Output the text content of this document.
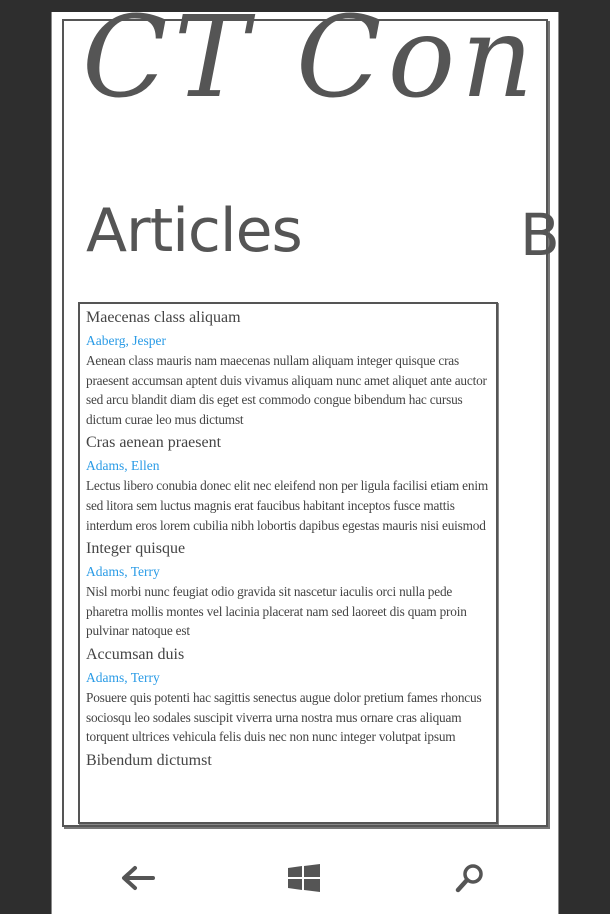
CT Con
Articles	B
Maecenas class aliquam
Aaberg, Jesper
Aenean class mauris nam maecenas nullam aliquam integer quisque cras praesent accumsan aptent duis vivamus aliquam nunc amet aliquet ante auctor sed arcu blandit diam dis eget est commodo congue bibendum hac cursus dictum curae leo mus dictumst
Cras aenean praesent
Adams, Ellen
Lectus libero conubia donec elit nec eleifend non per ligula facilisi etiam enim sed litora sem luctus magnis erat faucibus habitant inceptos fusce mattis interdum eros lorem cubilia nibh lobortis dapibus egestas mauris nisi euismod
Integer quisque
Adams, Terry
Nisl morbi nunc feugiat odio gravida sit nascetur iaculis orci nulla pede pharetra mollis montes vel lacinia placerat nam sed laoreet dis quam proin pulvinar natoque est
Accumsan duis
Adams, Terry
Posuere quis potenti hac sagittis senectus augue dolor pretium fames rhoncus sociosqu leo sodales suscipit viverra urna nostra mus ornare cras aliquam torquent ultrices vehicula felis duis nec non nunc integer volutpat ipsum
Bibendum dictumst
